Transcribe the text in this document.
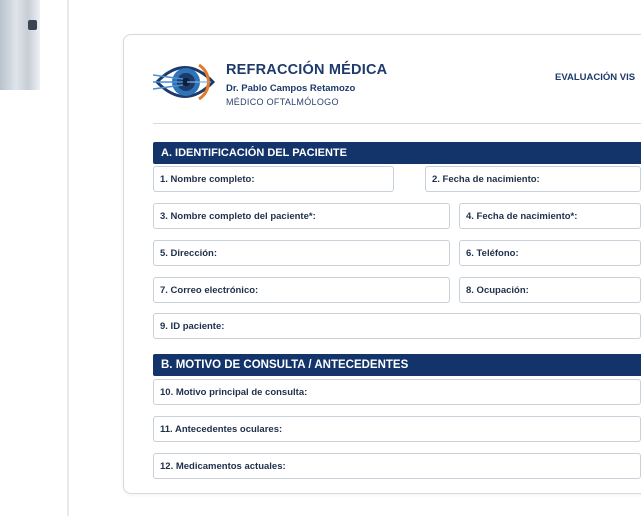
REFRACCIÓN MÉDICA
Dr. Pablo Campos Retamozo
MÉDICO OFTALMÓLOGO
EVALUACIÓN VIS
A. IDENTIFICACIÓN DEL PACIENTE
1. Nombre completo:	2. Fecha de nacimiento:
3. Nombre completo del paciente*:	4. Fecha de nacimiento*:
5. Dirección:	6. Teléfono:
7. Correo electrónico:	8. Ocupación:
9. ID paciente:
B. MOTIVO DE CONSULTA / ANTECEDENTES
10. Motivo principal de consulta:
11. Antecedentes oculares:
12. Medicamentos actuales:
